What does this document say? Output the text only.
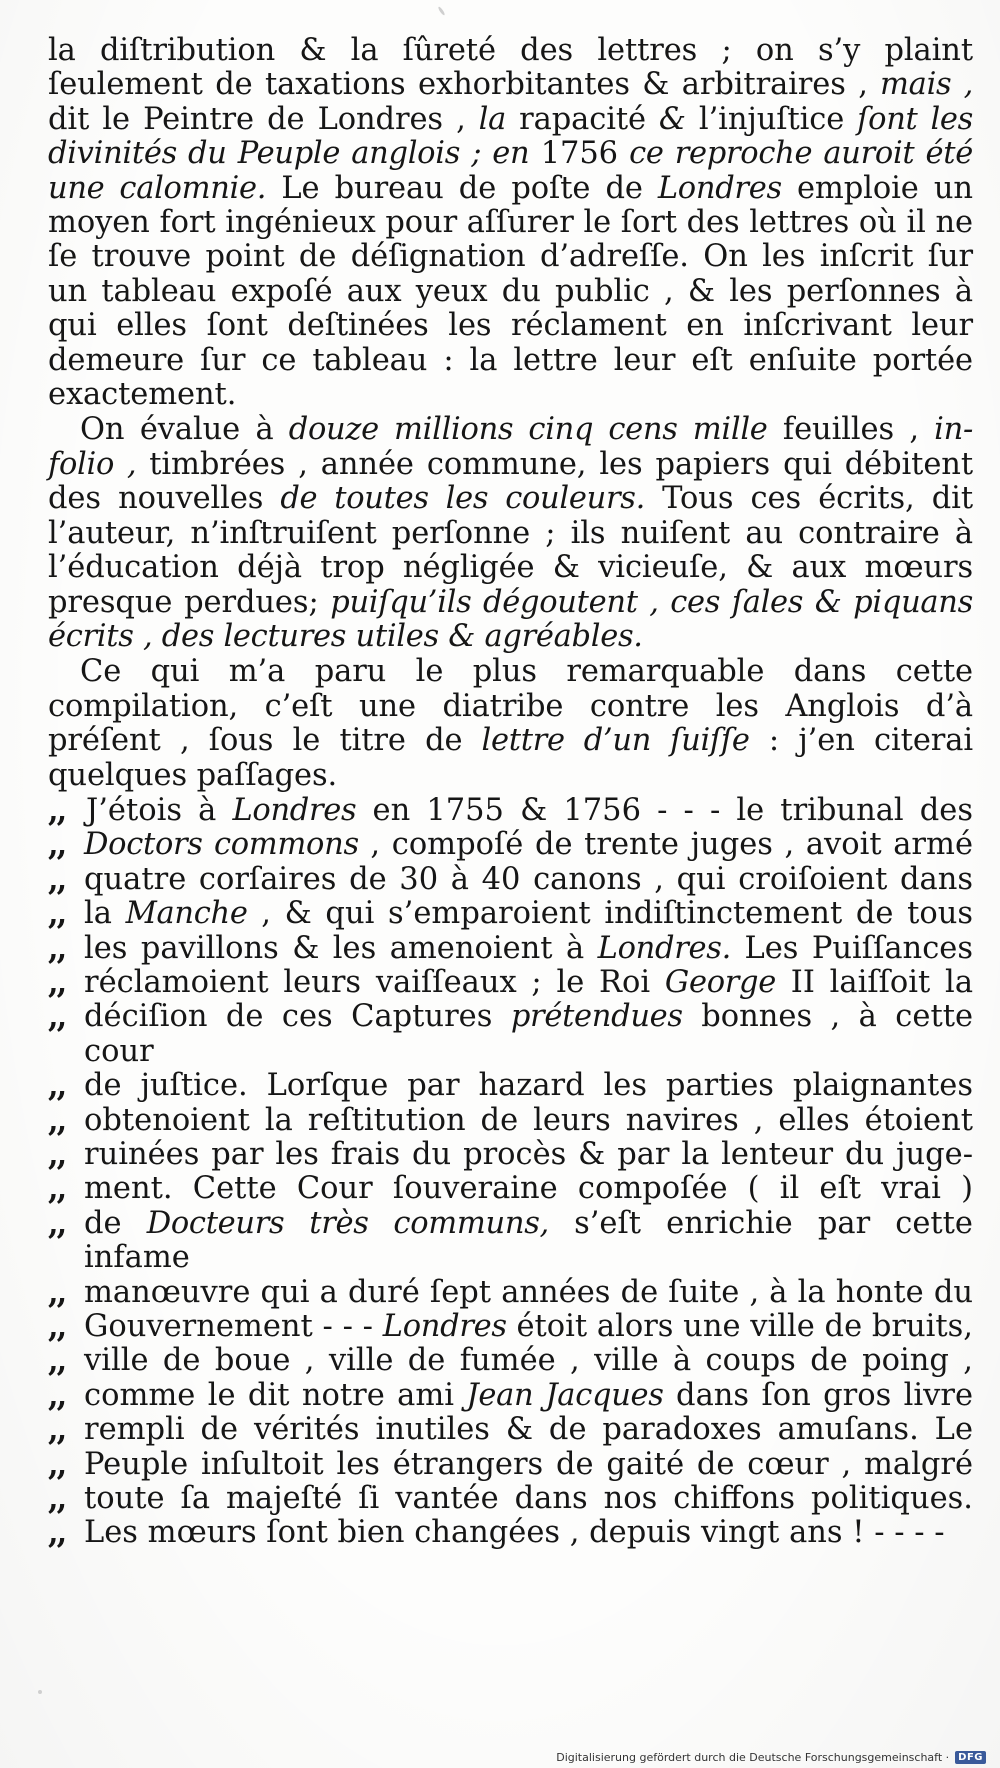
la diſtribution & la ſûreté des lettres ; on s’y plaint ſeulement de taxations exhorbitantes & arbitraires , mais , dit le Peintre de Londres , la rapacité & l’injuſtice ſont les divinités du Peuple anglois ; en 1756 ce reproche auroit été une calomnie. Le bureau de poſte de Londres emploie un moyen fort ingénieux pour aſſurer le ſort des lettres où il ne ſe trouve point de déſignation d’adreſſe. On les inſcrit ſur un tableau expoſé aux yeux du public , & les perſonnes à qui elles ſont deſtinées les réclament en inſcrivant leur demeure ſur ce tableau : la lettre leur eſt enſuite portée exactement.

On évalue à douze millions cinq cens mille feuilles , in-folio , timbrées , année commune, les papiers qui débitent des nouvelles de toutes les couleurs. Tous ces écrits, dit l’auteur, n’inſtruiſent perſonne ; ils nuiſent au contraire à l’éducation déjà trop négligée & vicieuſe, & aux mœurs presque perdues; puiſqu’ils dégoutent , ces ſales & piquans écrits , des lectures utiles & agréables.

Ce qui m’a paru le plus remarquable dans cette compilation, c’eſt une diatribe contre les Anglois d’à préſent , ſous le titre de lettre d’un ſuiſſe : j’en citerai quelques paſſages.

,, J’étois à Londres en 1755 & 1756 - - - le tribunal des
,, Doctors commons , compoſé de trente juges , avoit armé
,, quatre corſaires de 30 à 40 canons , qui croiſoient dans
,, la Manche , & qui s’emparoient indiſtinctement de tous
,, les pavillons & les amenoient à Londres. Les Puiſſances
,, réclamoient leurs vaiſſeaux ; le Roi George II laiſſoit la
,, déciſion de ces Captures prétendues bonnes , à cette cour
,, de juſtice. Lorſque par hazard les parties plaignantes
,, obtenoient la reſtitution de leurs navires , elles étoient
,, ruinées par les frais du procès & par la lenteur du juge-
,, ment. Cette Cour ſouveraine compoſée ( il eſt vrai )
,, de Docteurs très communs, s’eſt enrichie par cette infame
,, manœuvre qui a duré ſept années de ſuite , à la honte du
,, Gouvernement - - - Londres étoit alors une ville de bruits,
,, ville de boue , ville de fumée , ville à coups de poing ,
,, comme le dit notre ami Jean Jacques dans ſon gros livre
,, rempli de vérités inutiles & de paradoxes amuſans. Le
,, Peuple inſultoit les étrangers de gaité de cœur , malgré
,, toute ſa majeſté ſi vantée dans nos chiffons politiques.
,, Les mœurs ſont bien changées , depuis vingt ans ! - - - -
Digitalisierung gefördert durch die Deutsche Forschungsgemeinschaft · DFG
